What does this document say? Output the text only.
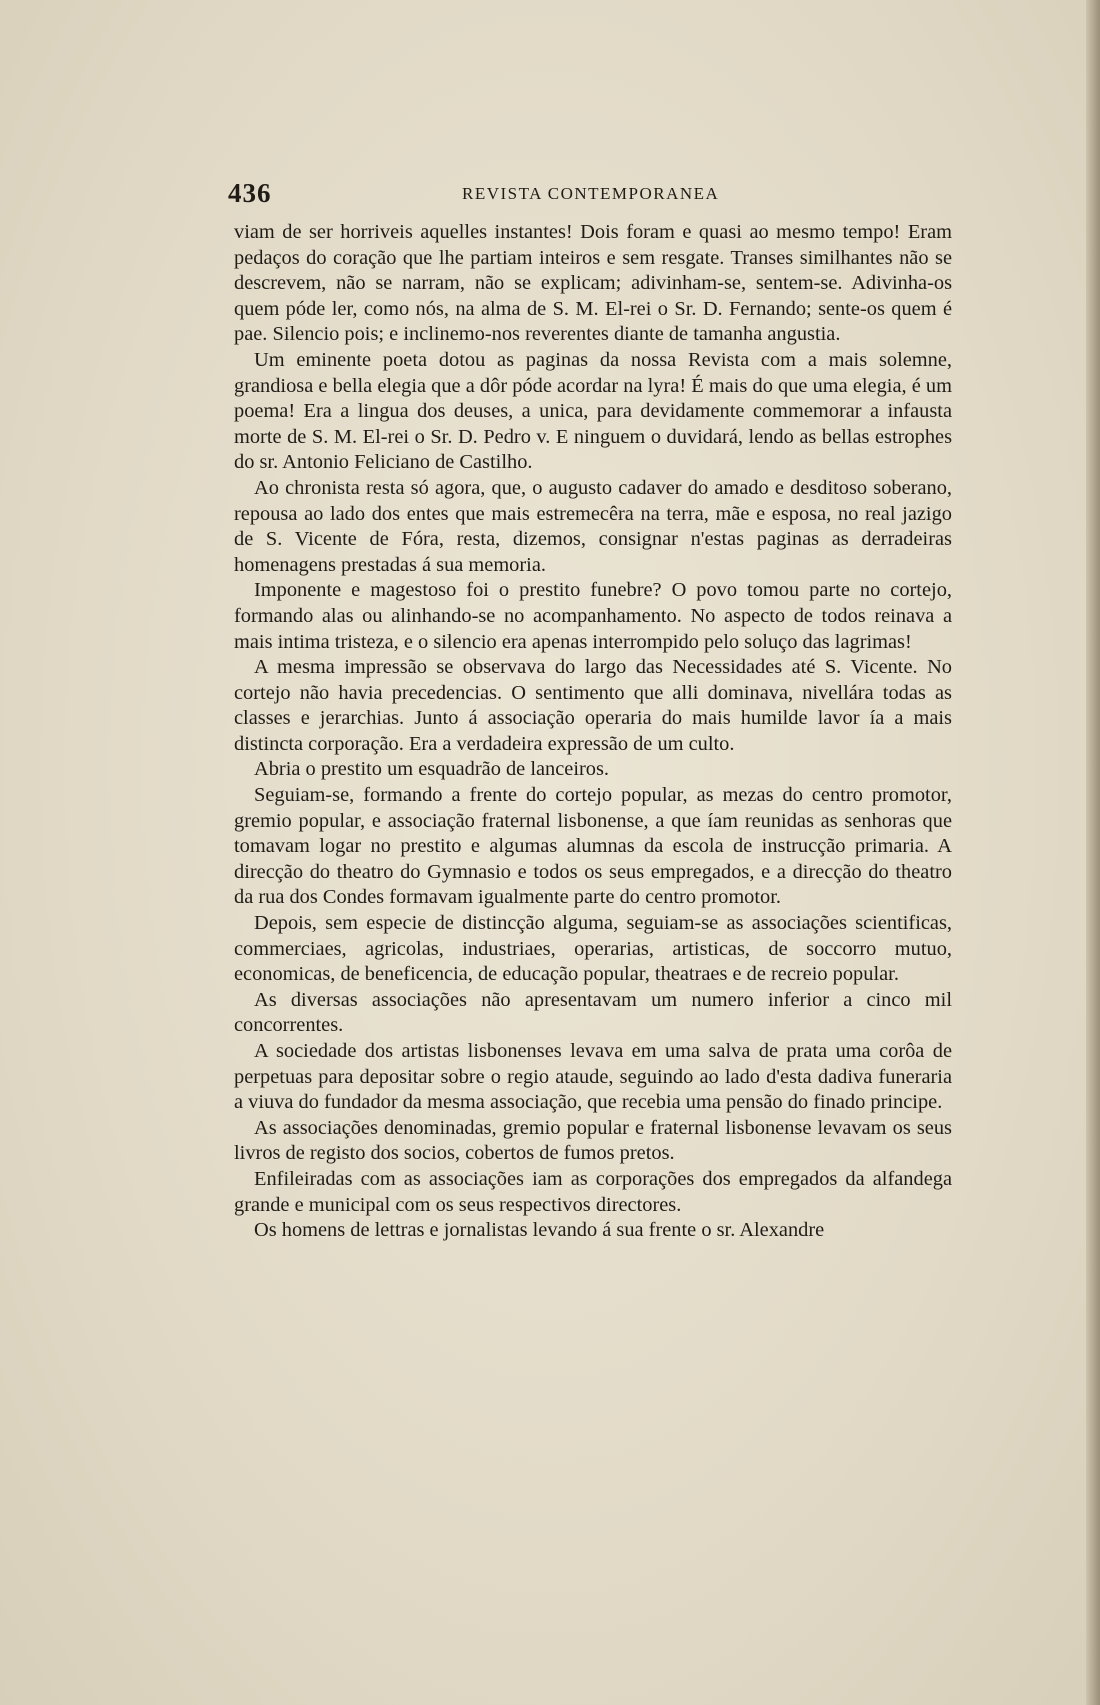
436	REVISTA CONTEMPORANEA

viam de ser horriveis aquelles instantes! Dois foram e quasi ao mesmo tempo! Eram pedaços do coração que lhe partiam inteiros e sem resgate. Transes similhantes não se descrevem, não se narram, não se explicam; adivinham-se, sentem-se. Adivinha-os quem póde ler, como nós, na alma de S. M. El-rei o Sr. D. Fernando; sente-os quem é pae. Silencio pois; e inclinemo-nos reverentes diante de tamanha angustia.

Um eminente poeta dotou as paginas da nossa Revista com a mais solemne, grandiosa e bella elegia que a dôr póde acordar na lyra! É mais do que uma elegia, é um poema! Era a lingua dos deuses, a unica, para devidamente commemorar a infausta morte de S. M. El-rei o Sr. D. Pedro v. E ninguem o duvidará, lendo as bellas estrophes do sr. Antonio Feliciano de Castilho.

Ao chronista resta só agora, que, o augusto cadaver do amado e desditoso soberano, repousa ao lado dos entes que mais estremecêra na terra, mãe e esposa, no real jazigo de S. Vicente de Fóra, resta, dizemos, consignar n'estas paginas as derradeiras homenagens prestadas á sua memoria.

Imponente e magestoso foi o prestito funebre? O povo tomou parte no cortejo, formando alas ou alinhando-se no acompanhamento. No aspecto de todos reinava a mais intima tristeza, e o silencio era apenas interrompido pelo soluço das lagrimas!

A mesma impressão se observava do largo das Necessidades até S. Vicente. No cortejo não havia precedencias. O sentimento que alli dominava, nivellára todas as classes e jerarchias. Junto á associação operaria do mais humilde lavor ía a mais distincta corporação. Era a verdadeira expressão de um culto.

Abria o prestito um esquadrão de lanceiros.

Seguiam-se, formando a frente do cortejo popular, as mezas do centro promotor, gremio popular, e associação fraternal lisbonense, a que íam reunidas as senhoras que tomavam logar no prestito e algumas alumnas da escola de instrucção primaria. A direcção do theatro do Gymnasio e todos os seus empregados, e a direcção do theatro da rua dos Condes formavam igualmente parte do centro promotor.

Depois, sem especie de distincção alguma, seguiam-se as associações scientificas, commerciaes, agricolas, industriaes, operarias, artisticas, de soccorro mutuo, economicas, de beneficencia, de educação popular, theatraes e de recreio popular.

As diversas associações não apresentavam um numero inferior a cinco mil concorrentes.

A sociedade dos artistas lisbonenses levava em uma salva de prata uma corôa de perpetuas para depositar sobre o regio ataude, seguindo ao lado d'esta dadiva funeraria a viuva do fundador da mesma associação, que recebia uma pensão do finado principe.

As associações denominadas, gremio popular e fraternal lisbonense levavam os seus livros de registo dos socios, cobertos de fumos pretos.

Enfileiradas com as associações iam as corporações dos empregados da alfandega grande e municipal com os seus respectivos directores.

Os homens de lettras e jornalistas levando á sua frente o sr. Alexandre
